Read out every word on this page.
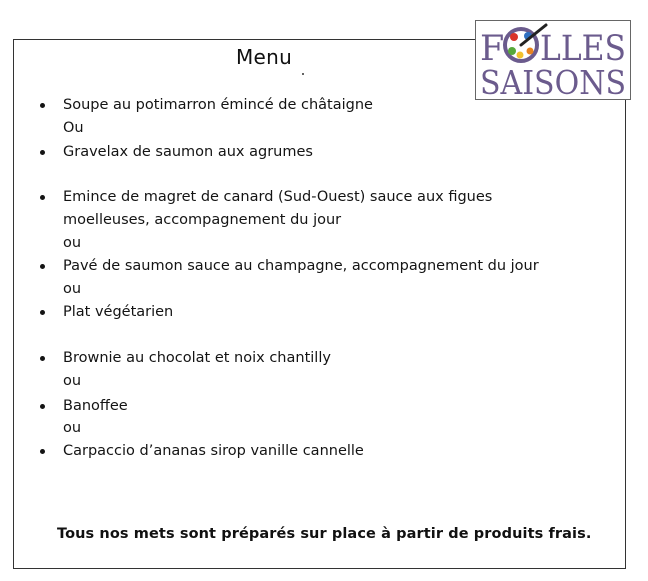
Menu	F LLES
SAISONS
Soupe au potimarron émincé de châtaigne
Ou
Gravelax de saumon aux agrumes
Emince de magret de canard (Sud-Ouest) sauce aux figues
moelleuses, accompagnement du jour
ou
Pavé de saumon sauce au champagne, accompagnement du jour
ou
Plat végétarien
Brownie au chocolat et noix chantilly
ou
Banoffee
ou
Carpaccio d’ananas sirop vanille cannelle
Tous nos mets sont préparés sur place à partir de produits frais.
